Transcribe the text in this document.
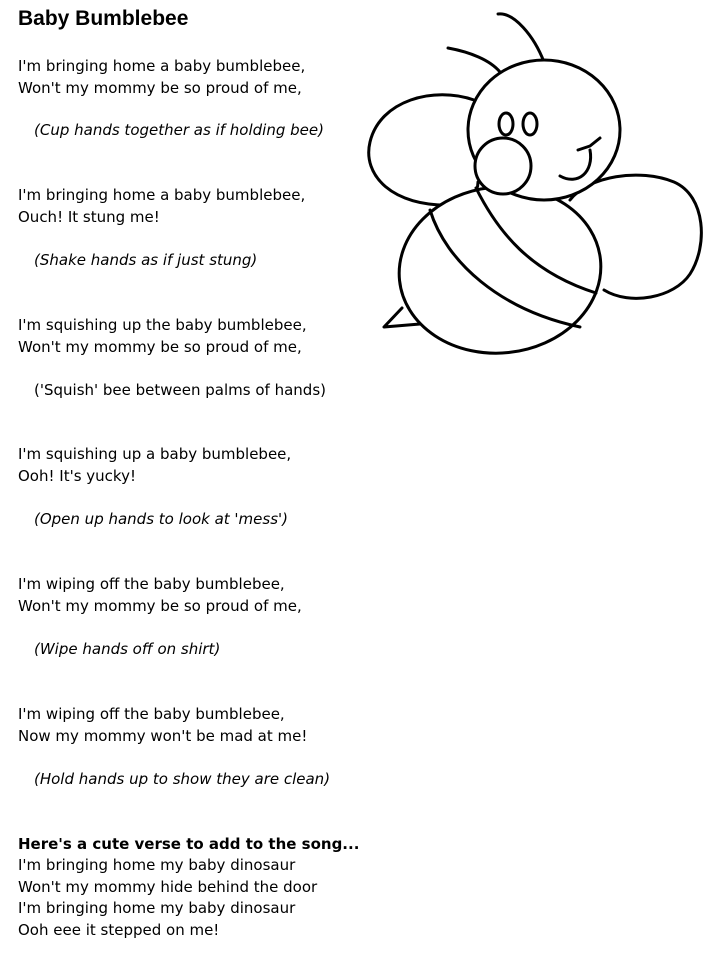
Baby Bumblebee
I'm bringing home a baby bumblebee,
Won't my mommy be so proud of me,
(Cup hands together as if holding bee)
I'm bringing home a baby bumblebee,
Ouch! It stung me!
(Shake hands as if just stung)
I'm squishing up the baby bumblebee,
Won't my mommy be so proud of me,
('Squish' bee between palms of hands)
I'm squishing up a baby bumblebee,
Ooh! It's yucky!
(Open up hands to look at 'mess')
I'm wiping off the baby bumblebee,
Won't my mommy be so proud of me,
(Wipe hands off on shirt)
I'm wiping off the baby bumblebee,
Now my mommy won't be mad at me!
(Hold hands up to show they are clean)
Here's a cute verse to add to the song...
I'm bringing home my baby dinosaur
Won't my mommy hide behind the door
I'm bringing home my baby dinosaur
Ooh eee it stepped on me!
